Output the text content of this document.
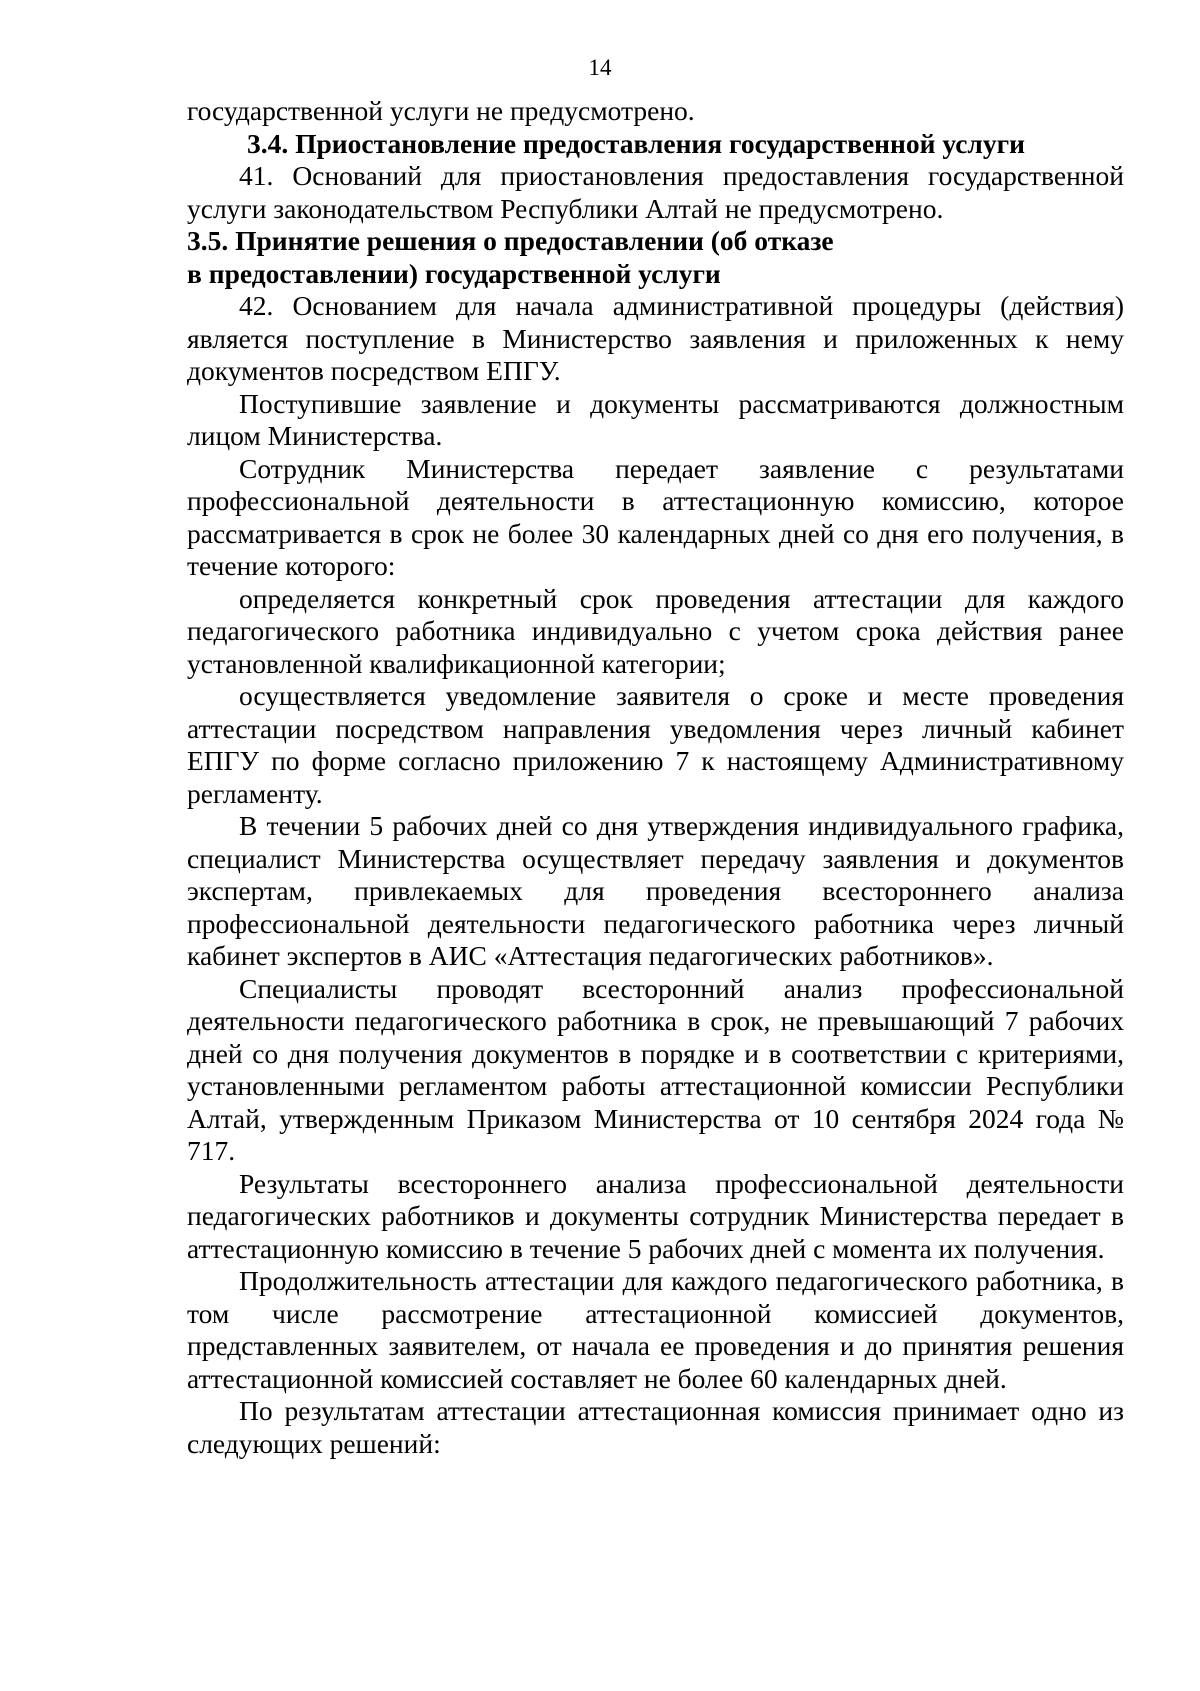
14

государственной услуги не предусмотрено.

3.4. Приостановление предоставления государственной услуги

41. Оснований для приостановления предоставления государственной услуги законодательством Республики Алтай не предусмотрено.

3.5. Принятие решения о предоставлении (об отказе
в предоставлении) государственной услуги

42. Основанием для начала административной процедуры (действия) является поступление в Министерство заявления и приложенных к нему документов посредством ЕПГУ.

Поступившие заявление и документы рассматриваются должностным лицом Министерства.

Сотрудник Министерства передает заявление с результатами профессиональной деятельности в аттестационную комиссию, которое рассматривается в срок не более 30 календарных дней со дня его получения, в течение которого:

определяется конкретный срок проведения аттестации для каждого педагогического работника индивидуально с учетом срока действия ранее установленной квалификационной категории;

осуществляется уведомление заявителя о сроке и месте проведения аттестации посредством направления уведомления через личный кабинет ЕПГУ по форме согласно приложению 7 к настоящему Административному регламенту.

В течении 5 рабочих дней со дня утверждения индивидуального графика, специалист Министерства осуществляет передачу заявления и документов экспертам, привлекаемых для проведения всестороннего анализа профессиональной деятельности педагогического работника через личный кабинет экспертов в АИС «Аттестация педагогических работников».

Специалисты проводят всесторонний анализ профессиональной деятельности педагогического работника в срок, не превышающий 7 рабочих дней со дня получения документов в порядке и в соответствии с критериями, установленными регламентом работы аттестационной комиссии Республики Алтай, утвержденным Приказом Министерства от 10 сентября 2024 года № 717.

Результаты всестороннего анализа профессиональной деятельности педагогических работников и документы сотрудник Министерства передает в аттестационную комиссию в течение 5 рабочих дней с момента их получения.

Продолжительность аттестации для каждого педагогического работника, в том числе рассмотрение аттестационной комиссией документов, представленных заявителем, от начала ее проведения и до принятия решения аттестационной комиссией составляет не более 60 календарных дней.

По результатам аттестации аттестационная комиссия принимает одно из следующих решений:
